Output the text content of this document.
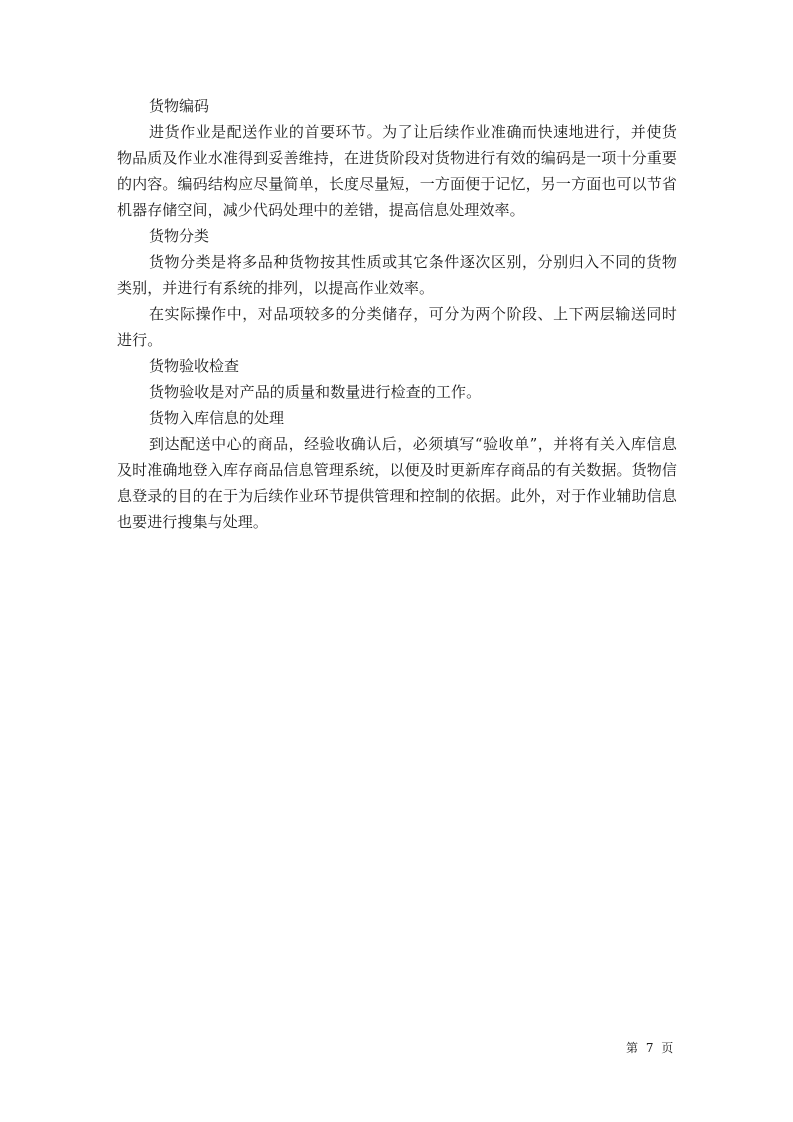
货物编码

进货作业是配送作业的首要环节。为了让后续作业准确而快速地进行，并使货物品质及作业水准得到妥善维持，在进货阶段对货物进行有效的编码是一项十分重要的内容。编码结构应尽量简单，长度尽量短，一方面便于记忆，另一方面也可以节省机器存储空间，减少代码处理中的差错，提高信息处理效率。

货物分类

货物分类是将多品种货物按其性质或其它条件逐次区别，分别归入不同的货物类别，并进行有系统的排列，以提高作业效率。

在实际操作中，对品项较多的分类储存，可分为两个阶段、上下两层输送同时进行。

货物验收检查

货物验收是对产品的质量和数量进行检查的工作。

货物入库信息的处理

到达配送中心的商品，经验收确认后，必须填写“验收单”，并将有关入库信息及时准确地登入库存商品信息管理系统，以便及时更新库存商品的有关数据。货物信息登录的目的在于为后续作业环节提供管理和控制的依据。此外，对于作业辅助信息也要进行搜集与处理。

第 7 页
